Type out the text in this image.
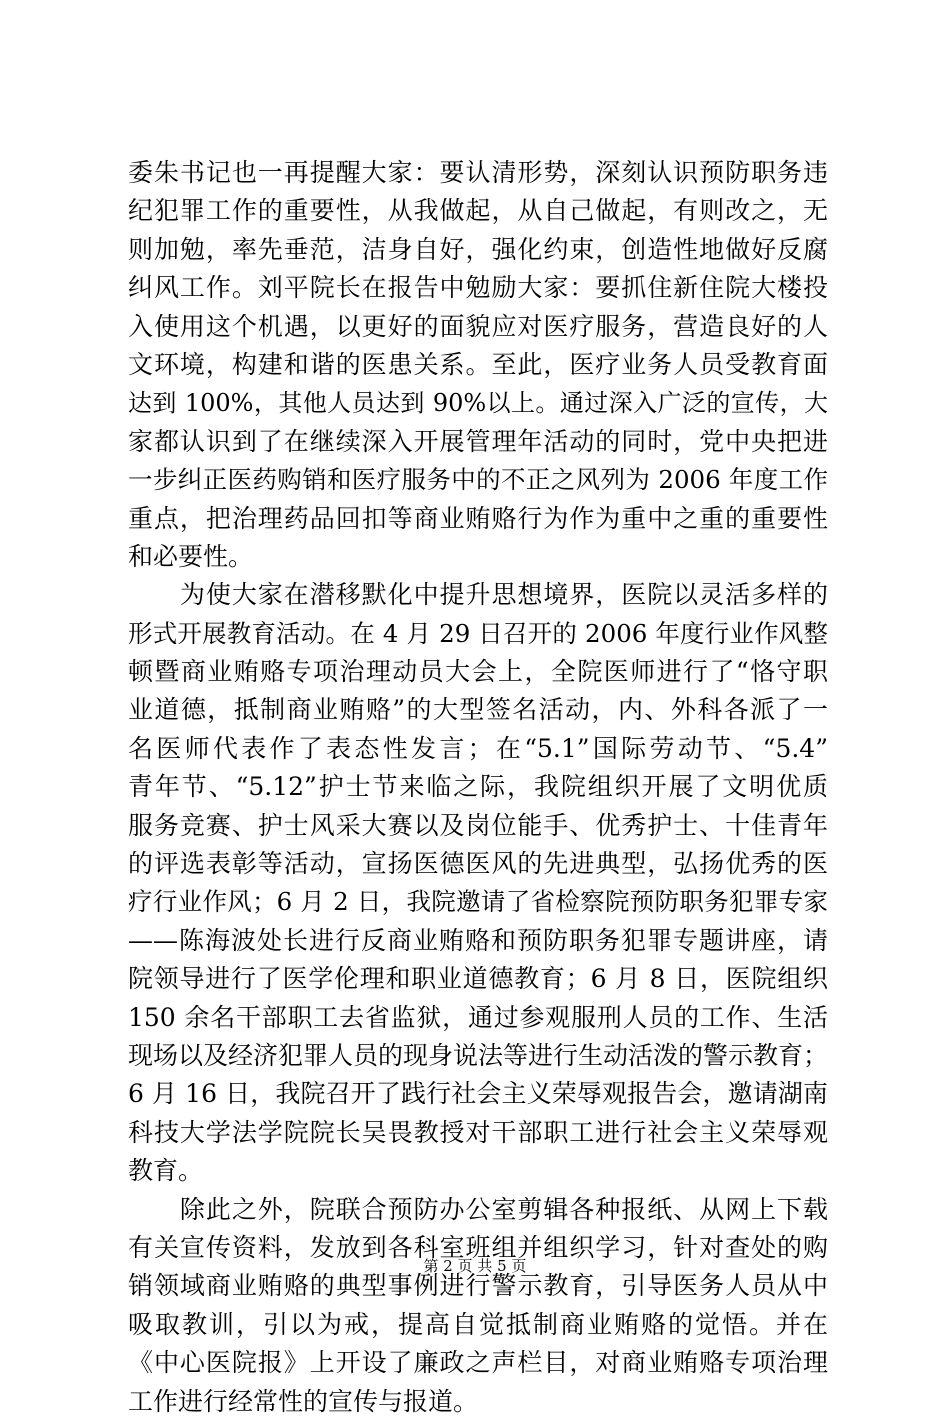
委朱书记也一再提醒大家：要认清形势，深刻认识预防职务违
纪犯罪工作的重要性，从我做起，从自己做起，有则改之，无
则加勉，率先垂范，洁身自好，强化约束，创造性地做好反腐
纠风工作。刘平院长在报告中勉励大家：要抓住新住院大楼投
入使用这个机遇，以更好的面貌应对医疗服务，营造良好的人
文环境，构建和谐的医患关系。至此，医疗业务人员受教育面
达到 100%，其他人员达到 90%以上。通过深入广泛的宣传，大
家都认识到了在继续深入开展管理年活动的同时，党中央把进
一步纠正医药购销和医疗服务中的不正之风列为 2006 年度工作
重点，把治理药品回扣等商业贿赂行为作为重中之重的重要性
和必要性。
　　为使大家在潜移默化中提升思想境界，医院以灵活多样的
形式开展教育活动。在 4 月 29 日召开的 2006 年度行业作风整
顿暨商业贿赂专项治理动员大会上，全院医师进行了“恪守职
业道德，抵制商业贿赂”的大型签名活动，内、外科各派了一
名医师代表作了表态性发言；在“5.1”国际劳动节、“5.4”
青年节、“5.12”护士节来临之际，我院组织开展了文明优质
服务竞赛、护士风采大赛以及岗位能手、优秀护士、十佳青年
的评选表彰等活动，宣扬医德医风的先进典型，弘扬优秀的医
疗行业作风；6 月 2 日，我院邀请了省检察院预防职务犯罪专家
——陈海波处长进行反商业贿赂和预防职务犯罪专题讲座，请
院领导进行了医学伦理和职业道德教育；6 月 8 日，医院组织
150 余名干部职工去省监狱，通过参观服刑人员的工作、生活
现场以及经济犯罪人员的现身说法等进行生动活泼的警示教育；
6 月 16 日，我院召开了践行社会主义荣辱观报告会，邀请湖南
科技大学法学院院长吴畏教授对干部职工进行社会主义荣辱观
教育。
　　除此之外，院联合预防办公室剪辑各种报纸、从网上下载
有关宣传资料，发放到各科室班组并组织学习，针对查处的购
销领域商业贿赂的典型事例进行警示教育，引导医务人员从中
吸取教训，引以为戒，提高自觉抵制商业贿赂的觉悟。并在
《中心医院报》上开设了廉政之声栏目，对商业贿赂专项治理
工作进行经常性的宣传与报道。
第 2 页 共 5 页
